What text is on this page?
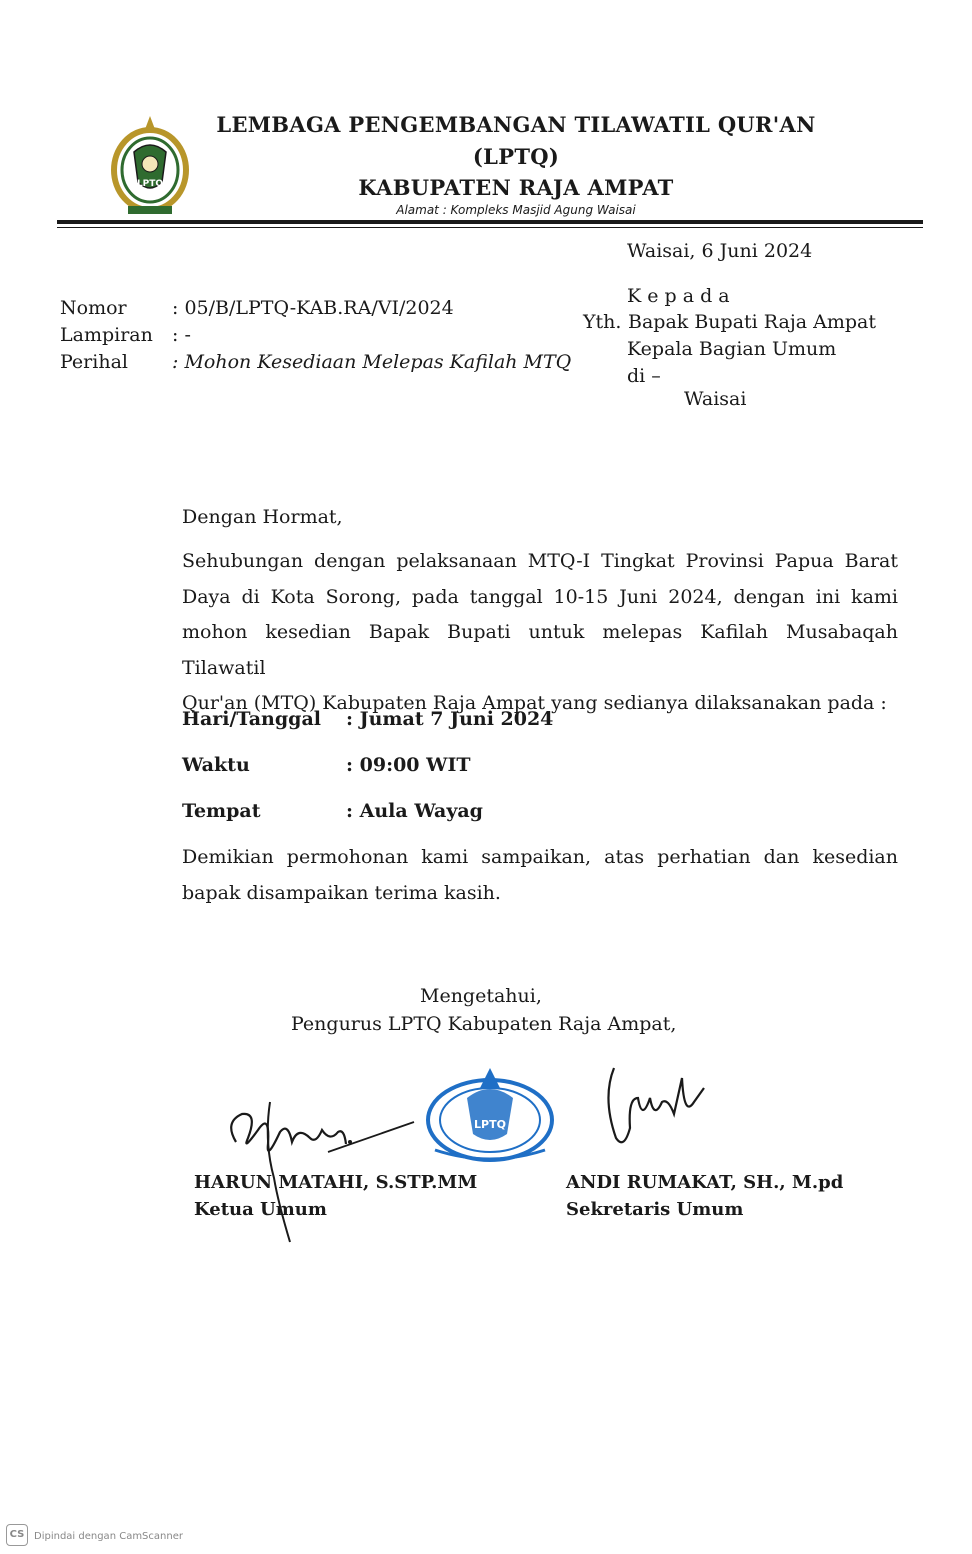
LPTQ
LEMBAGA PENGEMBANGAN TILAWATIL QUR'AN
(LPTQ)
KABUPATEN RAJA AMPAT
Alamat : Kompleks Masjid Agung Waisai
Waisai, 6 Juni 2024
Nomor : 05/B/LPTQ-KAB.RA/VI/2024
Lampiran : -
Perihal : Mohon Kesediaan Melepas Kafilah MTQ
K e p a d a
Yth. Bapak Bupati Raja Ampat
Kepala Bagian Umum
di –
Waisai
Dengan Hormat,
Sehubungan dengan pelaksanaan MTQ-I Tingkat Provinsi Papua Barat
Daya di Kota Sorong, pada tanggal 10-15 Juni 2024, dengan ini kami
mohon kesedian Bapak Bupati untuk melepas Kafilah Musabaqah Tilawatil
Qur'an (MTQ) Kabupaten Raja Ampat yang sedianya dilaksanakan pada :
Hari/Tanggal : Jumat 7 Juni 2024
Waktu	: 09:00 WIT
Tempat	: Aula Wayag
Demikian permohonan kami sampaikan, atas perhatian dan kesedian
bapak disampaikan terima kasih.
Mengetahui,
Pengurus LPTQ Kabupaten Raja Ampat,
LPTQ
HARUN MATAHI, S.STP.MM
Ketua Umum
ANDI RUMAKAT, SH., M.pd
Sekretaris Umum
CS Dipindai dengan CamScanner
